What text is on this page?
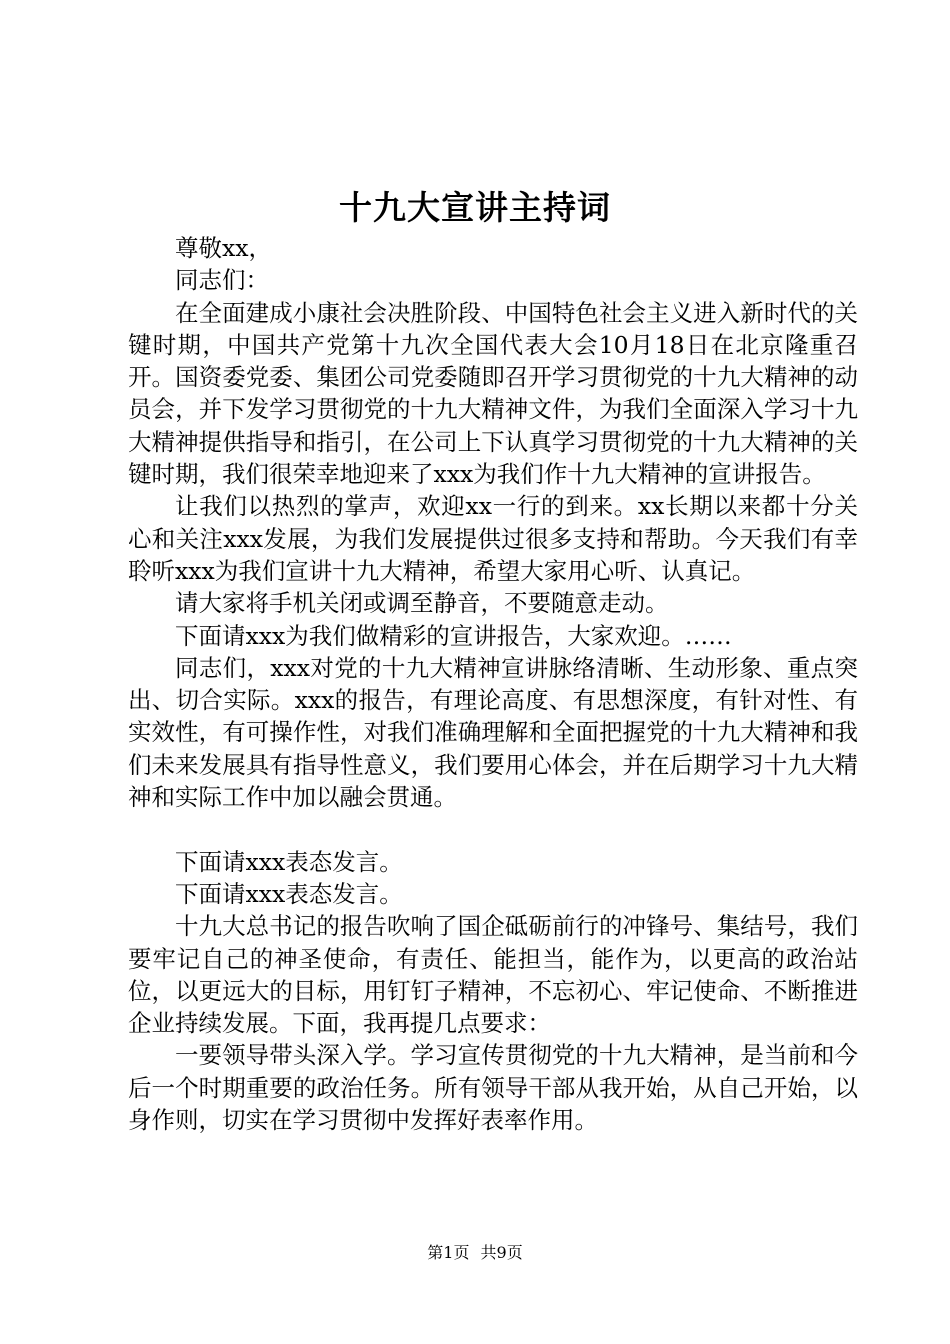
十九大宣讲主持词

尊敬xx，

同志们：

在全面建成小康社会决胜阶段、中国特色社会主义进入新时代的关键时期，中国共产党第十九次全国代表大会10月18日在北京隆重召开。国资委党委、集团公司党委随即召开学习贯彻党的十九大精神的动员会，并下发学习贯彻党的十九大精神文件，为我们全面深入学习十九大精神提供指导和指引，在公司上下认真学习贯彻党的十九大精神的关键时期，我们很荣幸地迎来了xxx为我们作十九大精神的宣讲报告。

让我们以热烈的掌声，欢迎xx一行的到来。xx长期以来都十分关心和关注xxx发展，为我们发展提供过很多支持和帮助。今天我们有幸聆听xxx为我们宣讲十九大精神，希望大家用心听、认真记。

请大家将手机关闭或调至静音，不要随意走动。

下面请xxx为我们做精彩的宣讲报告，大家欢迎。……

同志们，xxx对党的十九大精神宣讲脉络清晰、生动形象、重点突出、切合实际。xxx的报告，有理论高度、有思想深度，有针对性、有实效性，有可操作性，对我们准确理解和全面把握党的十九大精神和我们未来发展具有指导性意义，我们要用心体会，并在后期学习十九大精神和实际工作中加以融会贯通。

下面请xxx表态发言。

下面请xxx表态发言。

十九大总书记的报告吹响了国企砥砺前行的冲锋号、集结号，我们要牢记自己的神圣使命，有责任、能担当，能作为，以更高的政治站位，以更远大的目标，用钉钉子精神，不忘初心、牢记使命、不断推进企业持续发展。下面，我再提几点要求：

一要领导带头深入学。学习宣传贯彻党的十九大精神，是当前和今后一个时期重要的政治任务。所有领导干部从我开始，从自己开始，以身作则，切实在学习贯彻中发挥好表率作用。

第1页 共9页
